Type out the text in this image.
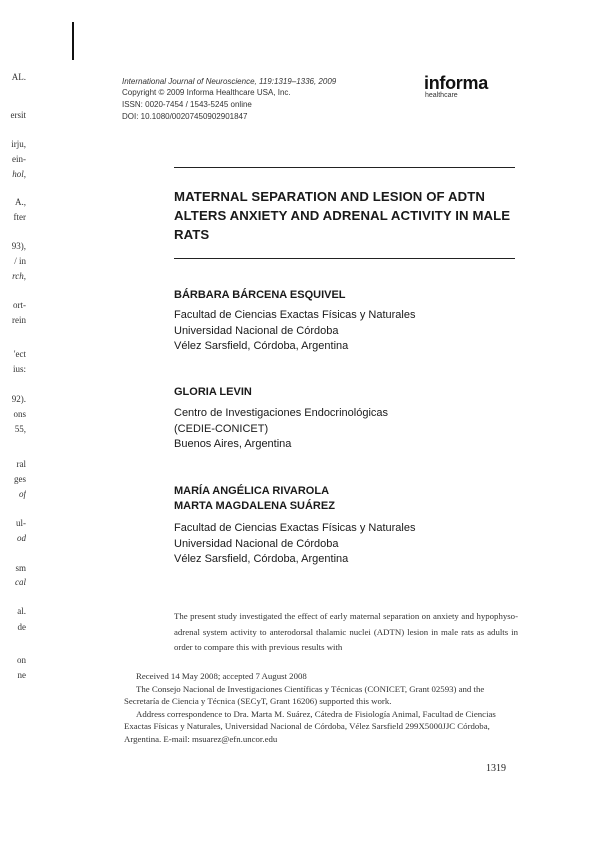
AL.
ersit
irju,
ein-
hol,
A.,
fter
93),
/ in
rch,
ort-
rein
'ect
ius:
92).
ons
55,
ral
ges
of
ul-
od
sm
cal
al.
de
on
ne
International Journal of Neuroscience, 119:1319–1336, 2009
Copyright © 2009 Informa Healthcare USA, Inc.
ISSN: 0020-7454 / 1543-5245 online
DOI: 10.1080/00207450902901847
informa
healthcare
MATERNAL SEPARATION AND LESION OF ADTN ALTERS ANXIETY AND ADRENAL ACTIVITY IN MALE RATS
BÁRBARA BÁRCENA ESQUIVEL
Facultad de Ciencias Exactas Físicas y Naturales
Universidad Nacional de Córdoba
Vélez Sarsfield, Córdoba, Argentina
GLORIA LEVIN
Centro de Investigaciones Endocrinológicas
(CEDIE-CONICET)
Buenos Aires, Argentina
MARÍA ANGÉLICA RIVAROLA
MARTA MAGDALENA SUÁREZ
Facultad de Ciencias Exactas Físicas y Naturales
Universidad Nacional de Córdoba
Vélez Sarsfield, Córdoba, Argentina
The present study investigated the effect of early maternal separation on anxiety and hypophyso-adrenal system activity to anterodorsal thalamic nuclei (ADTN) lesion in male rats as adults in order to compare this with previous results with

Received 14 May 2008; accepted 7 August 2008

The Consejo Nacional de Investigaciones Científicas y Técnicas (CONICET, Grant 02593) and the Secretaría de Ciencia y Técnica (SECyT, Grant 16206) supported this work.

Address correspondence to Dra. Marta M. Suárez, Cátedra de Fisiología Animal, Facultad de Ciencias Exactas Físicas y Naturales, Universidad Nacional de Córdoba, Vélez Sarsfield 299X5000JJC Córdoba, Argentina. E-mail: msuarez@efn.uncor.edu

1319
